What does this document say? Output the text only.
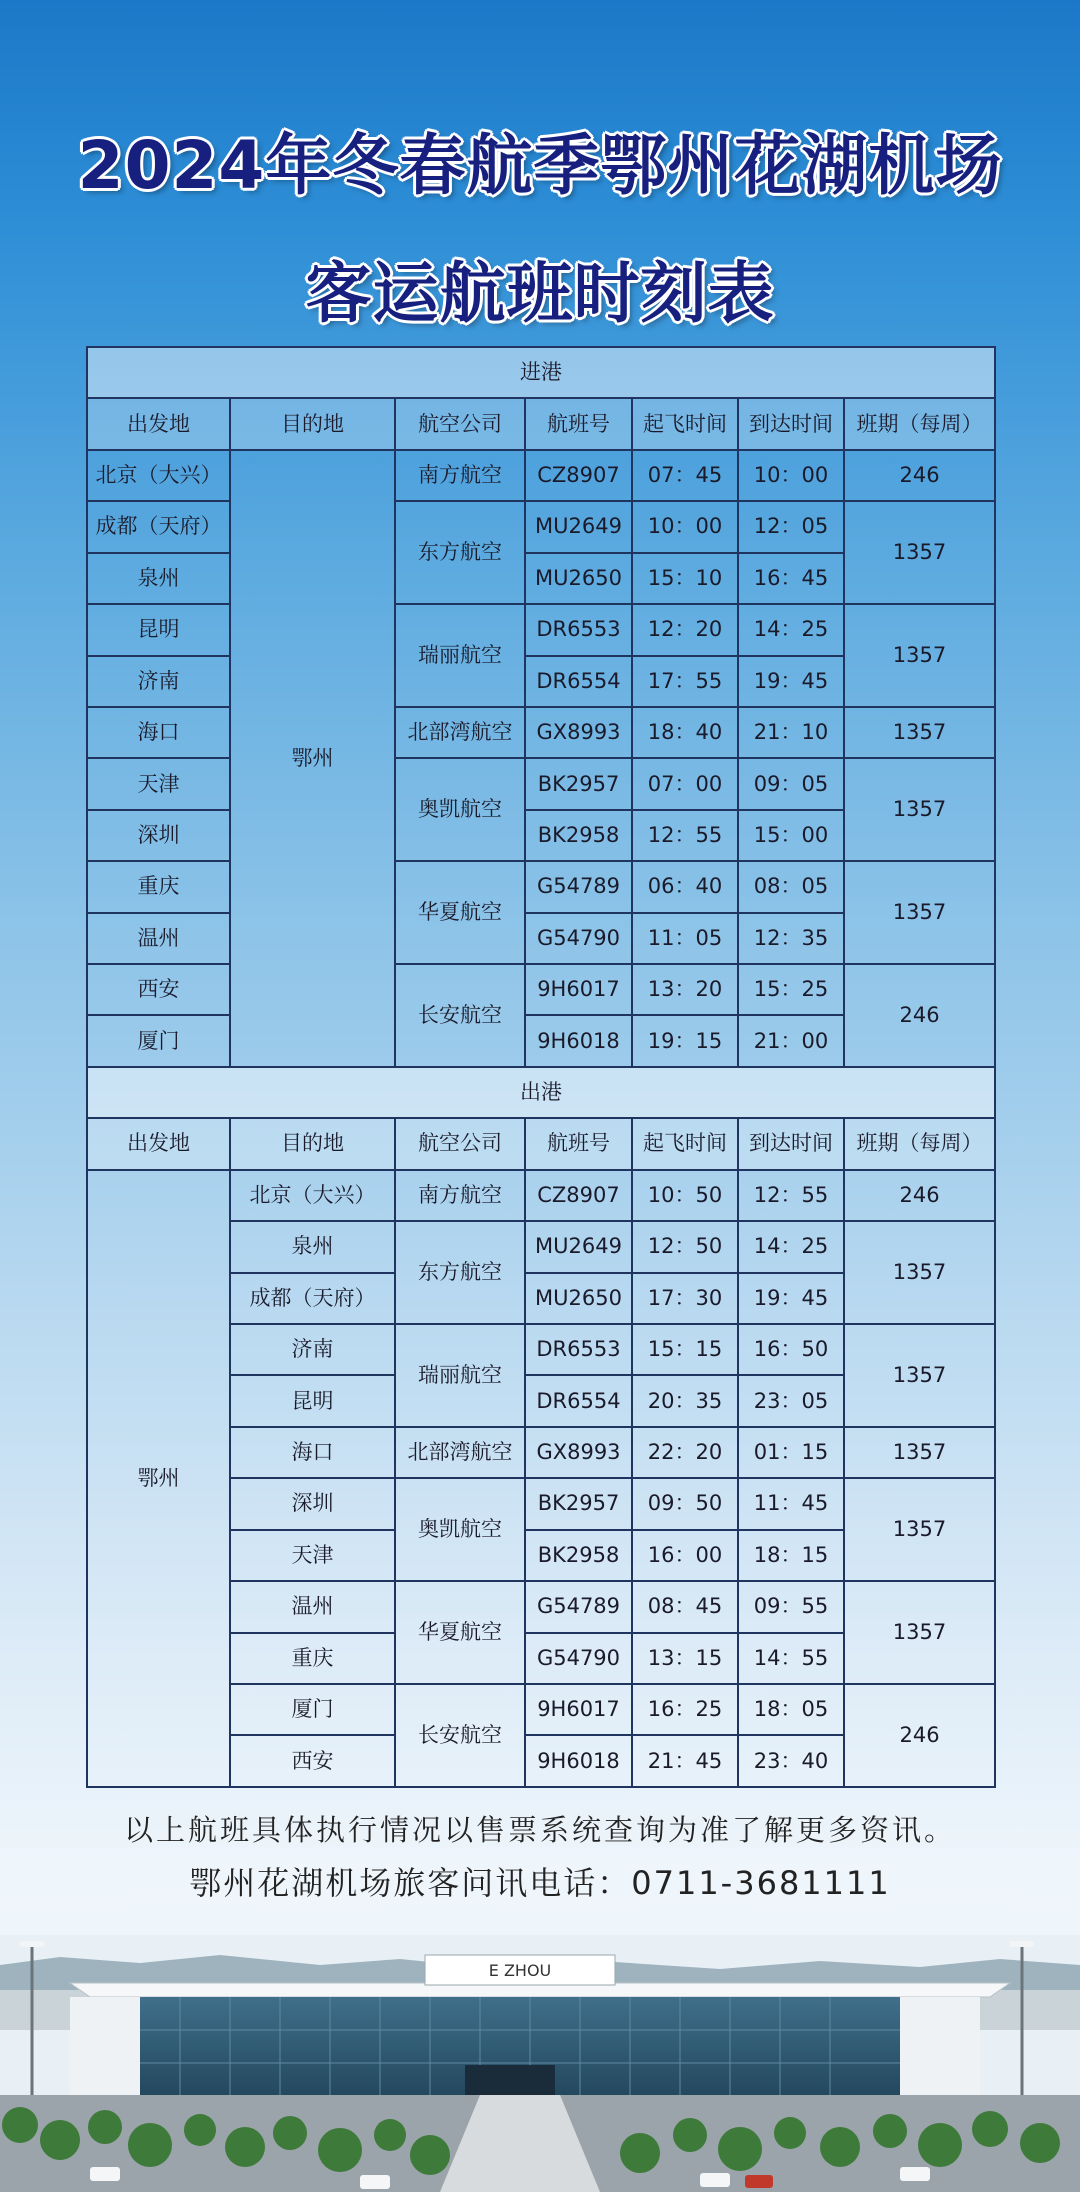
2024年冬春航季鄂州花湖机场
客运航班时刻表
进港						
出发地	目的地	航空公司	航班号	起飞时间	到达时间	班期（每周）
北京（大兴）	鄂州	南方航空	CZ8907	07：45	10：00	246
成都（天府）		东方航空	MU2649	10：00	12：05	1357
泉州			MU2650	15：10	16：45	
昆明		瑞丽航空	DR6553	12：20	14：25	1357
济南			DR6554	17：55	19：45	
海口		北部湾航空	GX8993	18：40	21：10	1357
天津		奥凯航空	BK2957	07：00	09：05	1357
深圳			BK2958	12：55	15：00	
重庆		华夏航空	G54789	06：40	08：05	1357
温州			G54790	11：05	12：35	
西安		长安航空	9H6017	13：20	15：25	246
厦门			9H6018	19：15	21：00	
出港						
出发地	目的地	航空公司	航班号	起飞时间	到达时间	班期（每周）
鄂州	北京（大兴）	南方航空	CZ8907	10：50	12：55	246
	泉州	东方航空	MU2649	12：50	14：25	1357
	成都（天府）		MU2650	17：30	19：45	
	济南	瑞丽航空	DR6553	15：15	16：50	1357
	昆明		DR6554	20：35	23：05	
	海口	北部湾航空	GX8993	22：20	01：15	1357
	深圳	奥凯航空	BK2957	09：50	11：45	1357
	天津		BK2958	16：00	18：15	
	温州	华夏航空	G54789	08：45	09：55	1357
	重庆		G54790	13：15	14：55	
	厦门	长安航空	9H6017	16：25	18：05	246
	西安		9H6018	21：45	23：40	
以上航班具体执行情况以售票系统查询为准了解更多资讯。
鄂州花湖机场旅客问讯电话：0711-3681111
E ZHOU
